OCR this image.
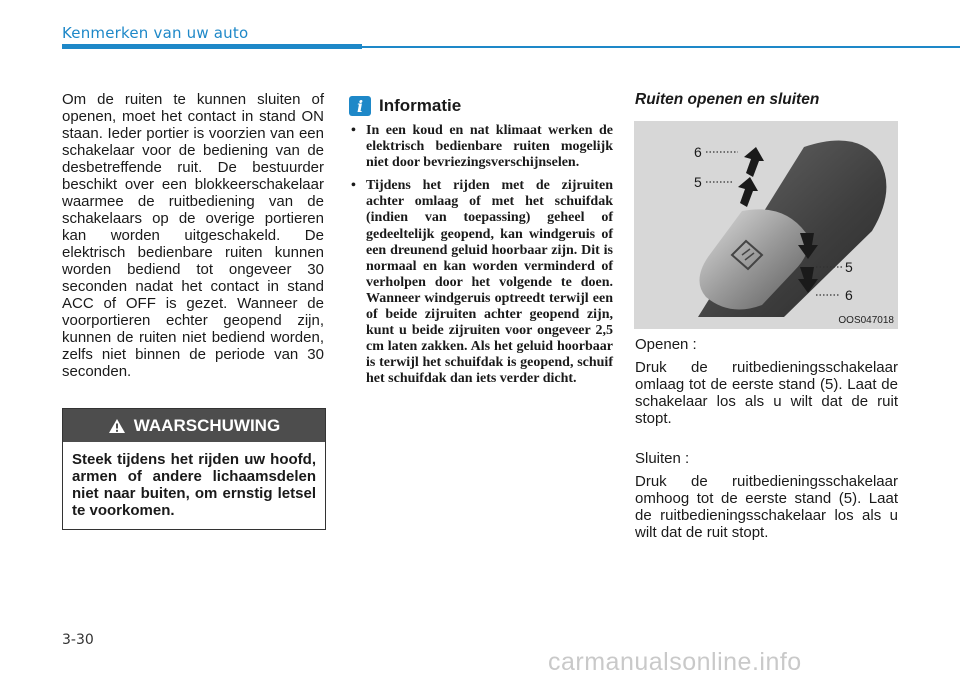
Kenmerken van uw auto
Om de ruiten te kunnen sluiten of openen, moet het contact in stand ON staan. Ieder portier is voorzien van een schakelaar voor de bediening van de desbetreffende ruit. De bestuurder beschikt over een blokkeerschakelaar waarmee de ruitbediening van de schakelaars op de overige portieren kan worden uitgeschakeld. De elektrisch bedienbare ruiten kunnen worden bediend tot ongeveer 30 seconden nadat het contact in stand ACC of OFF is gezet. Wanneer de voorportieren echter geopend zijn, kunnen de ruiten niet bediend worden, zelfs niet binnen de periode van 30 seconden.
WAARSCHUWING
Steek tijdens het rijden uw hoofd, armen of andere lichaamsdelen niet naar buiten, om ernstig letsel te voorkomen.
i Informatie
• In een koud en nat klimaat werken de elektrisch bedienbare ruiten mogelijk niet door bevriezingsverschijnselen.
• Tijdens het rijden met de zijruiten achter omlaag of met het schuifdak (indien van toepassing) geheel of gedeeltelijk geopend, kan windgeruis of een dreunend geluid hoorbaar zijn. Dit is normaal en kan worden verminderd of verholpen door het volgende te doen. Wanneer windgeruis optreedt terwijl een of beide zijruiten achter geopend zijn, kunt u beide zijruiten voor ongeveer 2,5 cm laten zakken. Als het geluid hoorbaar is terwijl het schuifdak is geopend, schuif het schuifdak dan iets verder dicht.
Ruiten openen en sluiten
6
5
5
6
OOS047018

Openen :

Druk de ruitbedieningsschakelaar omlaag tot de eerste stand (5). Laat de schakelaar los als u wilt dat de ruit stopt.

Sluiten :

Druk de ruitbedieningsschakelaar omhoog tot de eerste stand (5). Laat de ruitbedieningsschakelaar los als u wilt dat de ruit stopt.

3-30
carmanualsonline.info
